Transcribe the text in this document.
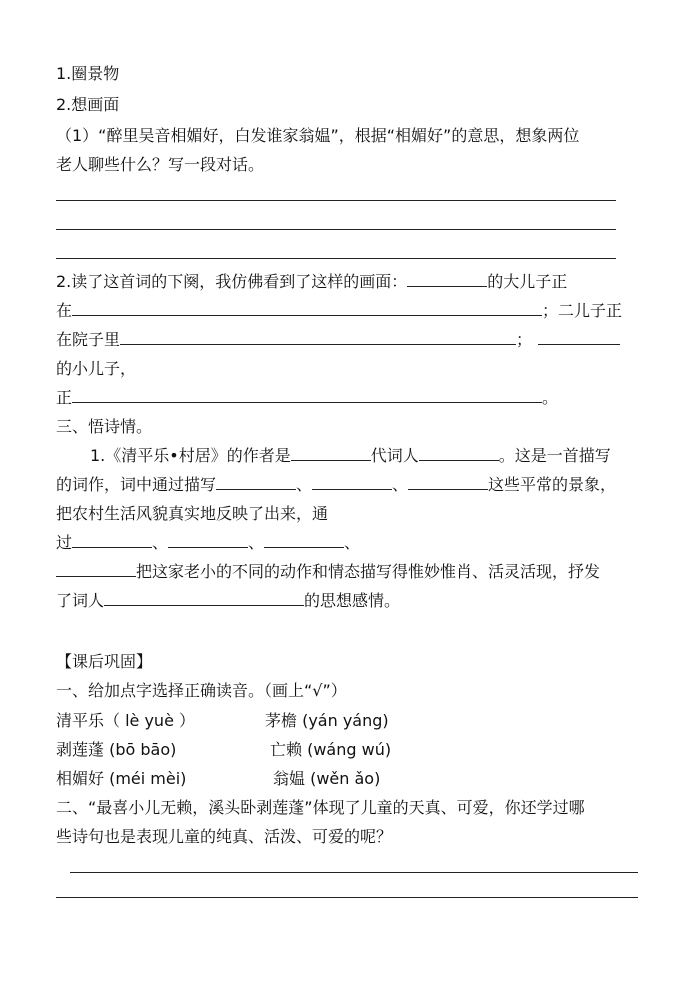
1.圈景物
2.想画面
（1）“醉里吴音相媚好，白发谁家翁媪”，根据“相媚好”的意思，想象两位
老人聊些什么？写一段对话。
2.读了这首词的下阕，我仿佛看到了这样的画面：	的大儿子正
在	；二儿子正
在院子里	；
的小儿子，
正	。
三、悟诗情。
1.《清平乐•村居》的作者是	代词人	。这是一首描写
的词作，词中通过描写	、	、	这些平常的景象，
把农村生活风貌真实地反映了出来，通
过	、	、	、
把这家老小的不同的动作和情态描写得惟妙惟肖、活灵活现，抒发
了词人	的思想感情。
【课后巩固】
一、给加点字选择正确读音。（画上“√”）
清平乐（ lè yuè ）	茅檐 (yán yáng)
剥莲蓬 (bō bāo)	亡赖 (wáng wú)
相媚好 (méi mèi)	翁媪 (wěn ǎo)
二、“最喜小儿无赖，溪头卧剥莲蓬”体现了儿童的天真、可爱，你还学过哪
些诗句也是表现儿童的纯真、活泼、可爱的呢？
